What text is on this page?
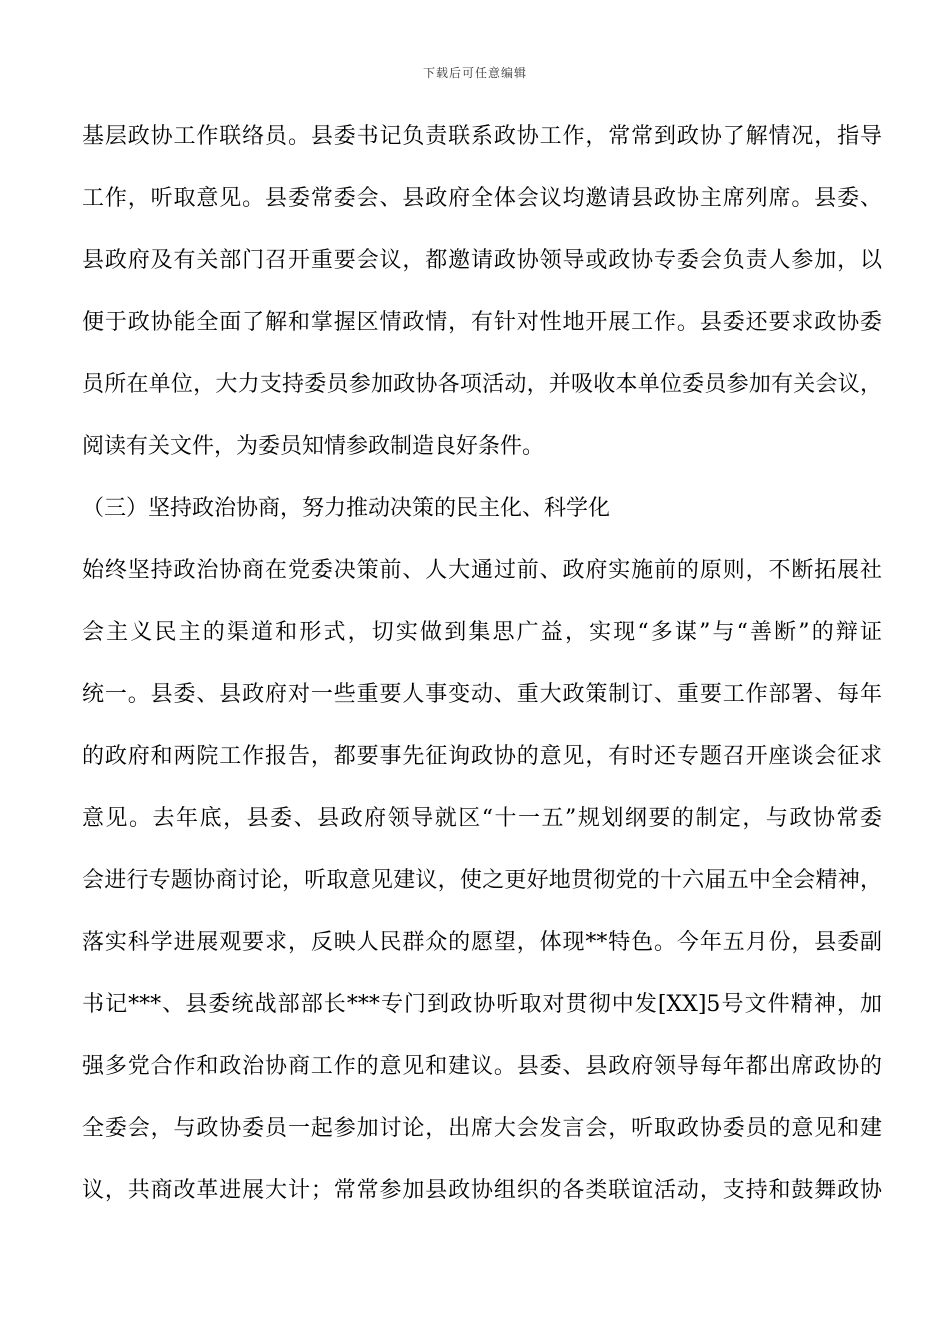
下载后可任意编辑
基层政协工作联络员。县委书记负责联系政协工作，常常到政协了解情况，指导
工作，听取意见。县委常委会、县政府全体会议均邀请县政协主席列席。县委、
县政府及有关部门召开重要会议，都邀请政协领导或政协专委会负责人参加，以
便于政协能全面了解和掌握区情政情，有针对性地开展工作。县委还要求政协委
员所在单位，大力支持委员参加政协各项活动，并吸收本单位委员参加有关会议，
阅读有关文件，为委员知情参政制造良好条件。
（三）坚持政治协商，努力推动决策的民主化、科学化
始终坚持政治协商在党委决策前、人大通过前、政府实施前的原则，不断拓展社
会主义民主的渠道和形式，切实做到集思广益，实现“多谋”与“善断”的辩证
统一。县委、县政府对一些重要人事变动、重大政策制订、重要工作部署、每年
的政府和两院工作报告，都要事先征询政协的意见，有时还专题召开座谈会征求
意见。去年底，县委、县政府领导就区“十一五”规划纲要的制定，与政协常委
会进行专题协商讨论，听取意见建议，使之更好地贯彻党的十六届五中全会精神，
落实科学进展观要求，反映人民群众的愿望，体现**特色。今年五月份，县委副
书记***、县委统战部部长***专门到政协听取对贯彻中发[XX]5号文件精神，加
强多党合作和政治协商工作的意见和建议。县委、县政府领导每年都出席政协的
全委会，与政协委员一起参加讨论，出席大会发言会，听取政协委员的意见和建
议，共商改革进展大计；常常参加县政协组织的各类联谊活动，支持和鼓舞政协
